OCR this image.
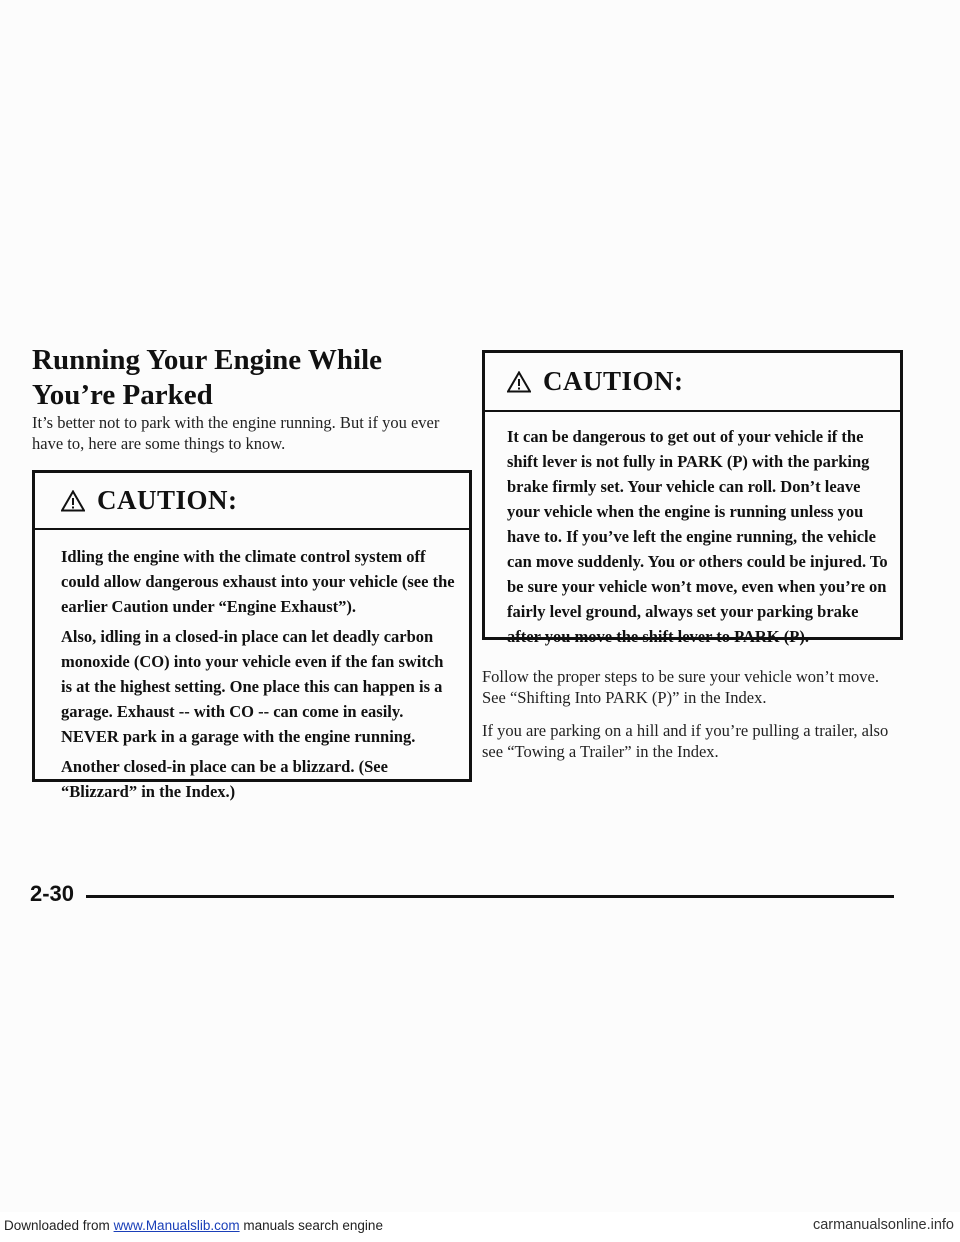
Running Your Engine While
You’re Parked
It’s better not to park with the engine running. But if you ever have to, here are some things to know.
CAUTION:

Idling the engine with the climate control system off could allow dangerous exhaust into your vehicle (see the earlier Caution under “Engine Exhaust”).

Also, idling in a closed-in place can let deadly carbon monoxide (CO) into your vehicle even if the fan switch is at the highest setting. One place this can happen is a garage. Exhaust -- with CO -- can come in easily. NEVER park in a garage with the engine running.

Another closed-in place can be a blizzard. (See “Blizzard” in the Index.)

CAUTION:

It can be dangerous to get out of your vehicle if the shift lever is not fully in PARK (P) with the parking brake firmly set. Your vehicle can roll. Don’t leave your vehicle when the engine is running unless you have to. If you’ve left the engine running, the vehicle can move suddenly. You or others could be injured. To be sure your vehicle won’t move, even when you’re on fairly level ground, always set your parking brake after you move the shift lever to PARK (P).

Follow the proper steps to be sure your vehicle won’t move. See “Shifting Into PARK (P)” in the Index.

If you are parking on a hill and if you’re pulling a trailer, also see “Towing a Trailer” in the Index.

2-30
Downloaded from www.Manualslib.com manuals search engine	carmanualsonline.info
